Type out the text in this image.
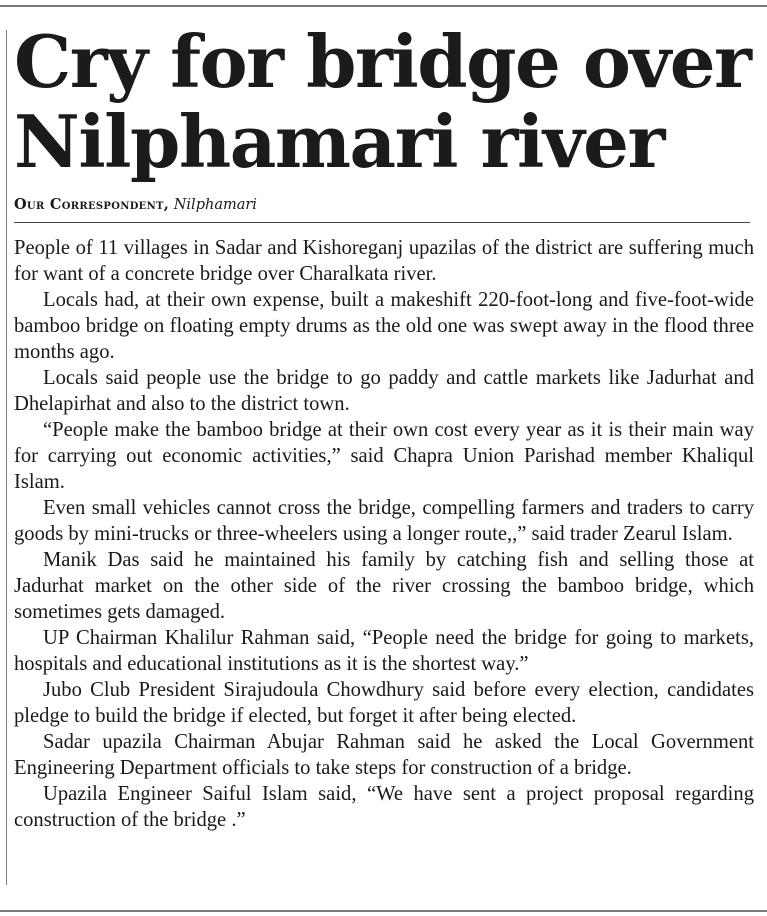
Cry for bridge over
Nilphamari river
Our Correspondent, Nilphamari

People of 11 villages in Sadar and Kishoreganj upazilas of the district are suffering much for want of a concrete bridge over Charalkata river.

Locals had, at their own expense, built a makeshift 220-foot-long and five-foot-wide bamboo bridge on floating empty drums as the old one was swept away in the flood three months ago.

Locals said people use the bridge to go paddy and cattle markets like Jadurhat and Dhelapirhat and also to the district town.

“People make the bamboo bridge at their own cost every year as it is their main way for carrying out economic activities,” said Chapra Union Parishad member Khaliqul Islam.

Even small vehicles cannot cross the bridge, compelling farmers and traders to carry goods by mini-trucks or three-wheelers using a longer route,,” said trader Zearul Islam.

Manik Das said he maintained his family by catching fish and selling those at Jadurhat market on the other side of the river crossing the bamboo bridge, which sometimes gets damaged.

UP Chairman Khalilur Rahman said, “People need the bridge for going to markets, hospitals and educational institutions as it is the shortest way.”

Jubo Club President Sirajudoula Chowdhury said before every election, candidates pledge to build the bridge if elected, but forget it after being elected.

Sadar upazila Chairman Abujar Rahman said he asked the Local Government Engineering Department officials to take steps for construction of a bridge.

Upazila Engineer Saiful Islam said, “We have sent a project proposal regarding construction of the bridge .”
